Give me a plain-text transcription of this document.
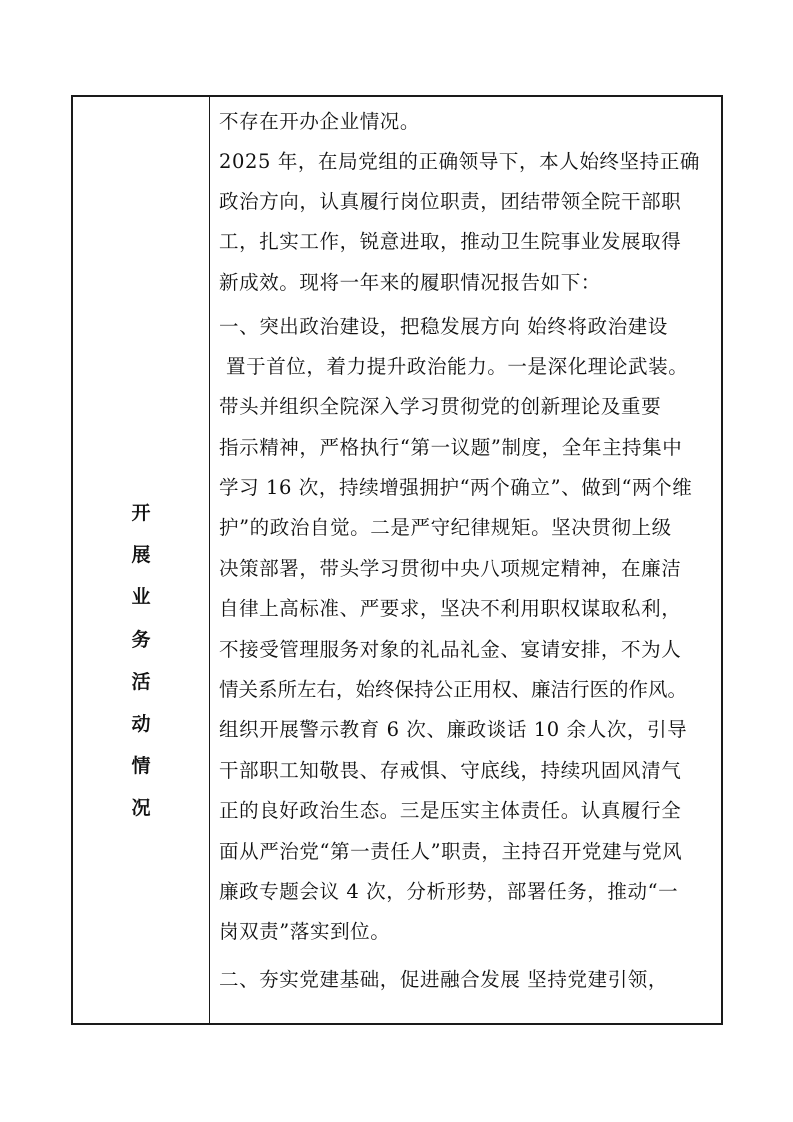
开
展
业
务
活
动
情
况
不存在开办企业情况。
2025 年，在局党组的正确领导下，本人始终坚持正确
政治方向，认真履行岗位职责，团结带领全院干部职
工，扎实工作，锐意进取，推动卫生院事业发展取得
新成效。现将一年来的履职情况报告如下：
一、突出政治建设，把稳发展方向 始终将政治建设
置于首位，着力提升政治能力。一是深化理论武装。
带头并组织全院深入学习贯彻党的创新理论及重要
指示精神，严格执行“第一议题”制度，全年主持集中
学习 16 次，持续增强拥护“两个确立”、做到“两个维
护”的政治自觉。二是严守纪律规矩。坚决贯彻上级
决策部署，带头学习贯彻中央八项规定精神，在廉洁
自律上高标准、严要求，坚决不利用职权谋取私利，
不接受管理服务对象的礼品礼金、宴请安排，不为人
情关系所左右，始终保持公正用权、廉洁行医的作风。
组织开展警示教育 6 次、廉政谈话 10 余人次，引导
干部职工知敬畏、存戒惧、守底线，持续巩固风清气
正的良好政治生态。三是压实主体责任。认真履行全
面从严治党“第一责任人”职责，主持召开党建与党风
廉政专题会议 4 次，分析形势，部署任务，推动“一
岗双责”落实到位。
二、夯实党建基础，促进融合发展 坚持党建引领，
